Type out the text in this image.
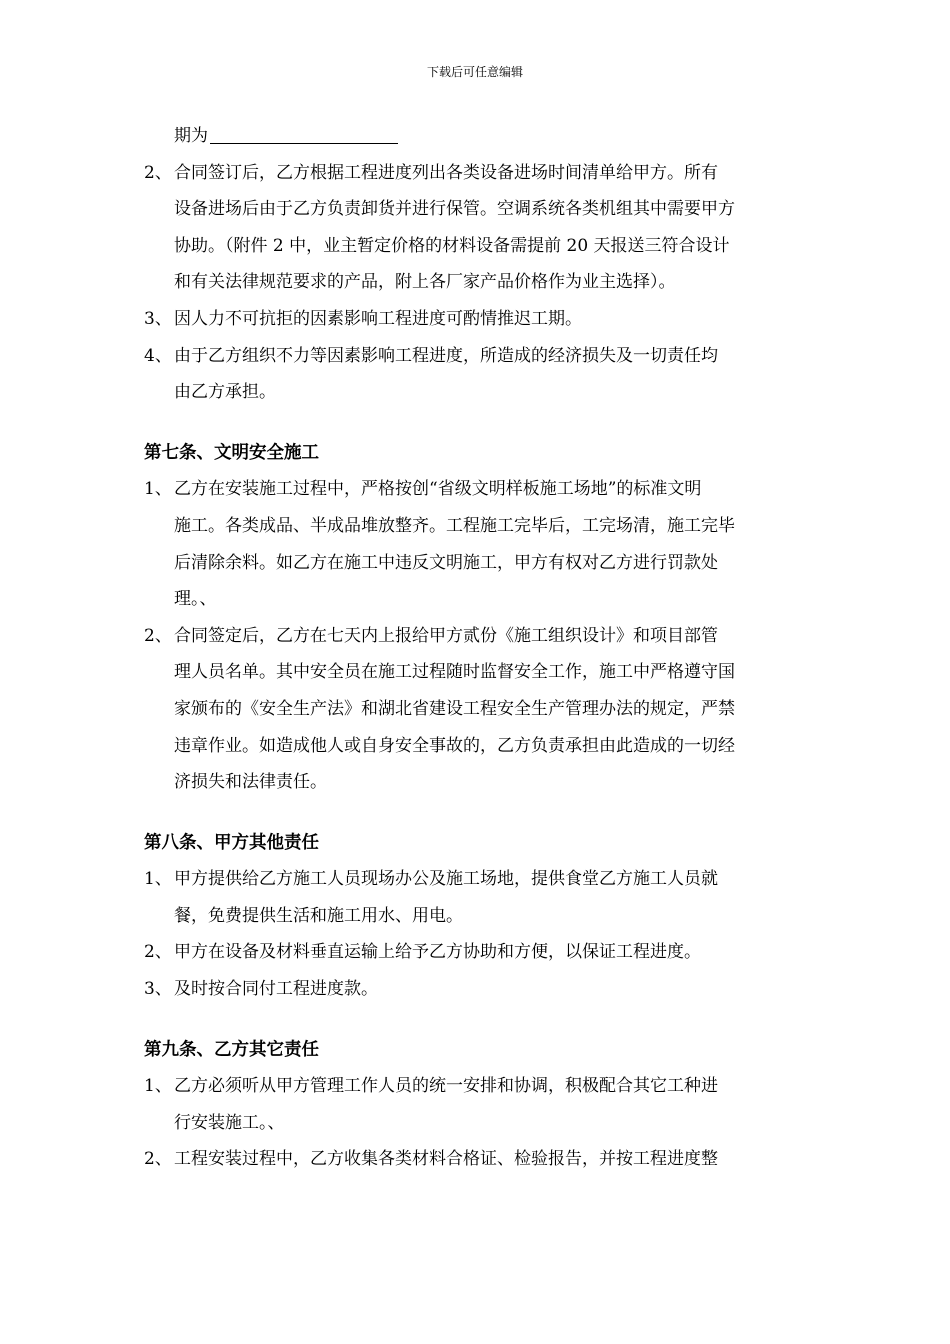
下载后可任意编辑
期为
2、 合同签订后，乙方根据工程进度列出各类设备进场时间清单给甲方。所有
设备进场后由于乙方负责卸货并进行保管。空调系统各类机组其中需要甲方
协助。（附件 2 中，业主暂定价格的材料设备需提前 20 天报送三符合设计
和有关法律规范要求的产品，附上各厂家产品价格作为业主选择）。
3、 因人力不可抗拒的因素影响工程进度可酌情推迟工期。
4、 由于乙方组织不力等因素影响工程进度，所造成的经济损失及一切责任均
由乙方承担。
第七条、文明安全施工
1、 乙方在安装施工过程中，严格按创“省级文明样板施工场地”的标准文明
施工。各类成品、半成品堆放整齐。工程施工完毕后，工完场清，施工完毕
后清除余料。如乙方在施工中违反文明施工，甲方有权对乙方进行罚款处
理。、
2、 合同签定后，乙方在七天内上报给甲方贰份《施工组织设计》和项目部管
理人员名单。其中安全员在施工过程随时监督安全工作，施工中严格遵守国
家颁布的《安全生产法》和湖北省建设工程安全生产管理办法的规定，严禁
违章作业。如造成他人或自身安全事故的，乙方负责承担由此造成的一切经
济损失和法律责任。
第八条、甲方其他责任
1、 甲方提供给乙方施工人员现场办公及施工场地，提供食堂乙方施工人员就
餐，免费提供生活和施工用水、用电。
2、 甲方在设备及材料垂直运输上给予乙方协助和方便，以保证工程进度。
3、 及时按合同付工程进度款。
第九条、乙方其它责任
1、 乙方必须听从甲方管理工作人员的统一安排和协调，积极配合其它工种进
行安装施工。、
2、 工程安装过程中，乙方收集各类材料合格证、检验报告，并按工程进度整
